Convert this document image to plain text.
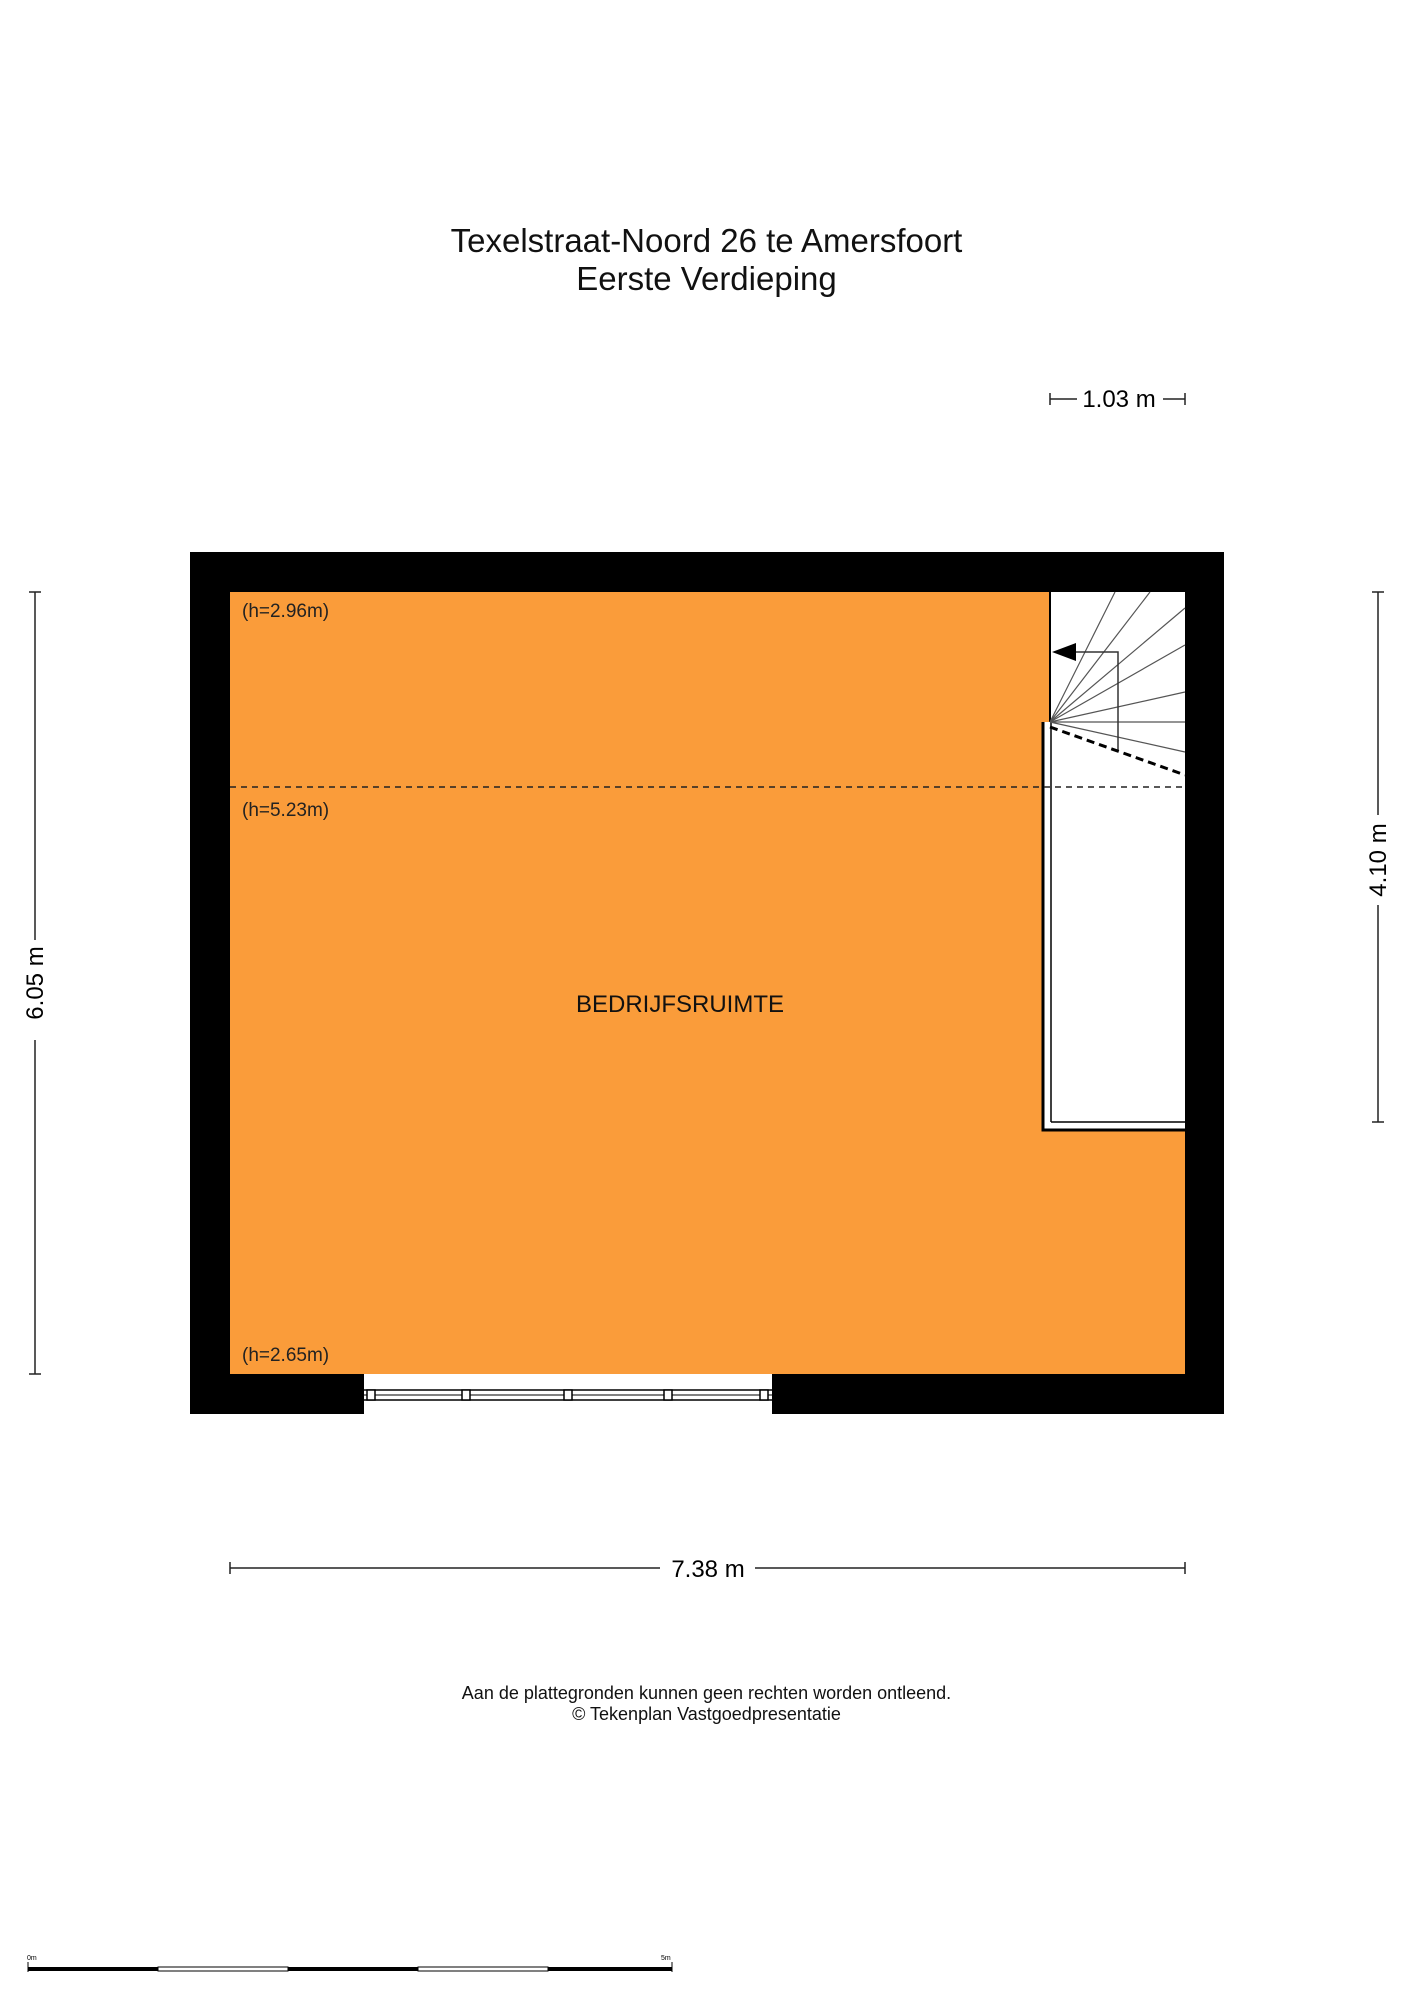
Texelstraat-Noord 26 te Amersfoort
Eerste Verdieping
(h=2.96m)
(h=5.23m)
(h=2.65m)
BEDRIJFSRUIMTE
1.03 m
6.05 m
4.10 m
7.38 m
0m	5m
Aan de plattegronden kunnen geen rechten worden ontleend.
© Tekenplan Vastgoedpresentatie
